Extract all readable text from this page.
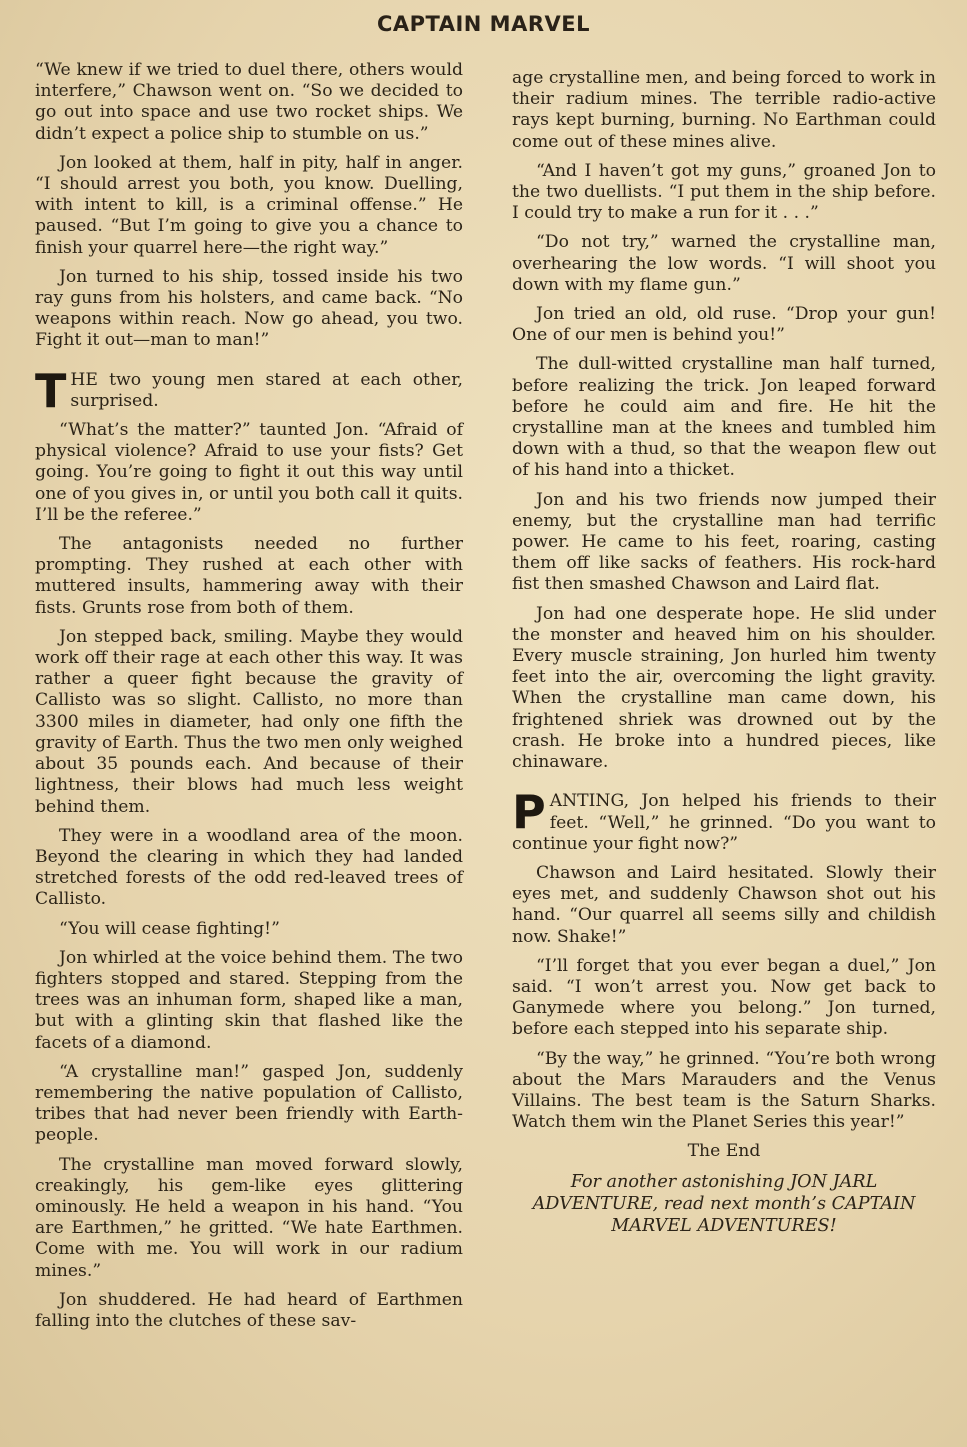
CAPTAIN MARVEL

“We knew if we tried to duel there, others would interfere,” Chawson went on. “So we decided to go out into space and use two rocket ships. We didn’t expect a police ship to stumble on us.”

Jon looked at them, half in pity, half in anger. “I should arrest you both, you know. Duelling, with intent to kill, is a criminal offense.” He paused. “But I’m going to give you a chance to finish your quarrel here—the right way.”

Jon turned to his ship, tossed inside his two ray guns from his holsters, and came back. “No weapons within reach. Now go ahead, you two. Fight it out—man to man!”

THE two young men stared at each other, surprised.

“What’s the matter?” taunted Jon. “Afraid of physical violence? Afraid to use your fists? Get going. You’re going to fight it out this way until one of you gives in, or until you both call it quits. I’ll be the referee.”

The antagonists needed no further prompting. They rushed at each other with muttered insults, hammering away with their fists. Grunts rose from both of them.

Jon stepped back, smiling. Maybe they would work off their rage at each other this way. It was rather a queer fight because the gravity of Callisto was so slight. Callisto, no more than 3300 miles in diameter, had only one fifth the gravity of Earth. Thus the two men only weighed about 35 pounds each. And because of their lightness, their blows had much less weight behind them.

They were in a woodland area of the moon. Beyond the clearing in which they had landed stretched forests of the odd red-leaved trees of Callisto.

“You will cease fighting!”

Jon whirled at the voice behind them. The two fighters stopped and stared. Stepping from the trees was an inhuman form, shaped like a man, but with a glinting skin that flashed like the facets of a diamond.

“A crystalline man!” gasped Jon, suddenly remembering the native population of Callisto, tribes that had never been friendly with Earth-people.

The crystalline man moved forward slowly, creakingly, his gem-like eyes glittering ominously. He held a weapon in his hand. “You are Earthmen,” he gritted. “We hate Earthmen. Come with me. You will work in our radium mines.”

Jon shuddered. He had heard of Earthmen falling into the clutches of these sav-

age crystalline men, and being forced to work in their radium mines. The terrible radio-active rays kept burning, burning. No Earthman could come out of these mines alive.

“And I haven’t got my guns,” groaned Jon to the two duellists. “I put them in the ship before. I could try to make a run for it . . .”

“Do not try,” warned the crystalline man, overhearing the low words. “I will shoot you down with my flame gun.”

Jon tried an old, old ruse. “Drop your gun! One of our men is behind you!”

The dull-witted crystalline man half turned, before realizing the trick. Jon leaped forward before he could aim and fire. He hit the crystalline man at the knees and tumbled him down with a thud, so that the weapon flew out of his hand into a thicket.

Jon and his two friends now jumped their enemy, but the crystalline man had terrific power. He came to his feet, roaring, casting them off like sacks of feathers. His rock-hard fist then smashed Chawson and Laird flat.

Jon had one desperate hope. He slid under the monster and heaved him on his shoulder. Every muscle straining, Jon hurled him twenty feet into the air, overcoming the light gravity. When the crystalline man came down, his frightened shriek was drowned out by the crash. He broke into a hundred pieces, like chinaware.

PANTING, Jon helped his friends to their feet. “Well,” he grinned. “Do you want to continue your fight now?”

Chawson and Laird hesitated. Slowly their eyes met, and suddenly Chawson shot out his hand. “Our quarrel all seems silly and childish now. Shake!”

“I’ll forget that you ever began a duel,” Jon said. “I won’t arrest you. Now get back to Ganymede where you belong.” Jon turned, before each stepped into his separate ship.

“By the way,” he grinned. “You’re both wrong about the Mars Marauders and the Venus Villains. The best team is the Saturn Sharks. Watch them win the Planet Series this year!”

The End

For another astonishing JON JARL ADVENTURE, read next month’s CAPTAIN MARVEL ADVENTURES!
